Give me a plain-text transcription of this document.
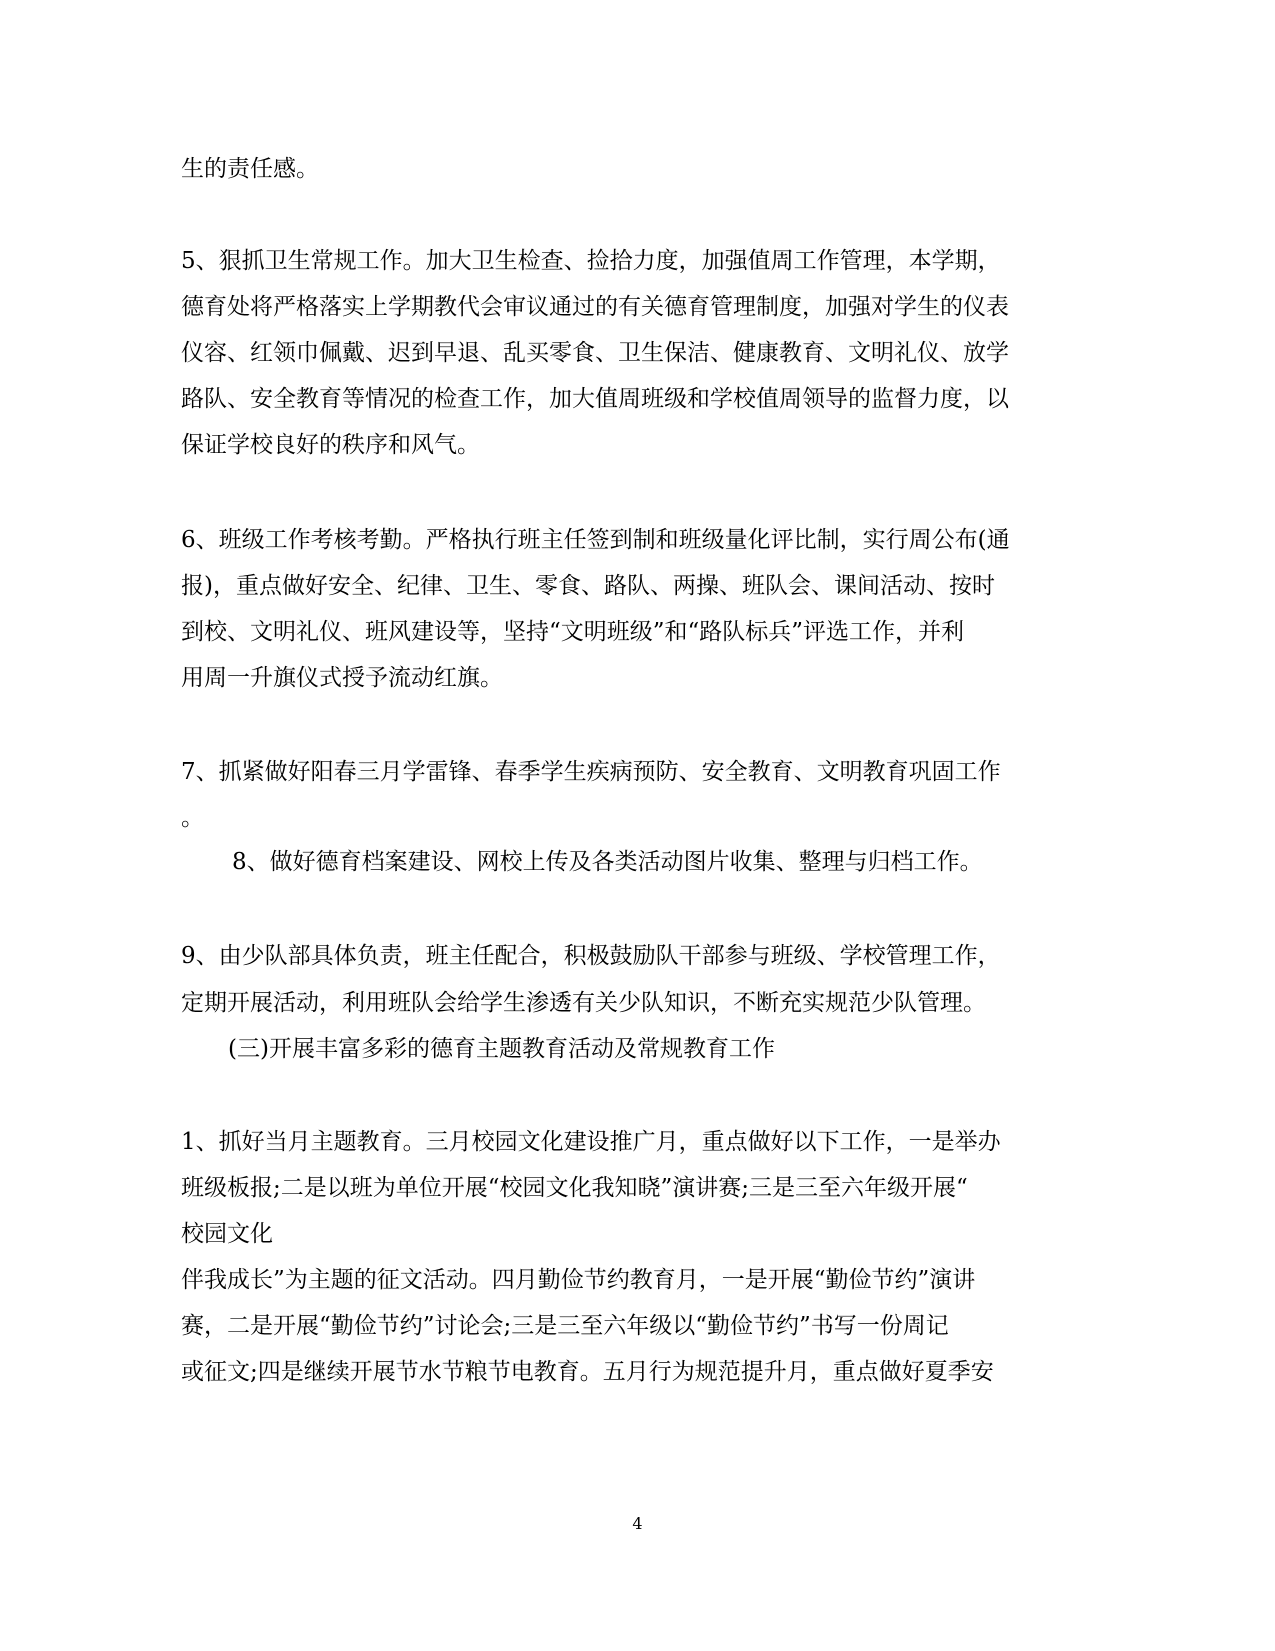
生的责任感。
5、狠抓卫生常规工作。加大卫生检查、捡拾力度，加强值周工作管理，本学期，
德育处将严格落实上学期教代会审议通过的有关德育管理制度，加强对学生的仪表
仪容、红领巾佩戴、迟到早退、乱买零食、卫生保洁、健康教育、文明礼仪、放学
路队、安全教育等情况的检查工作，加大值周班级和学校值周领导的监督力度，以
保证学校良好的秩序和风气。
6、班级工作考核考勤。严格执行班主任签到制和班级量化评比制，实行周公布(通
报)，重点做好安全、纪律、卫生、零食、路队、两操、班队会、课间活动、按时
到校、文明礼仪、班风建设等，坚持“文明班级”和“路队标兵”评选工作，并利
用周一升旗仪式授予流动红旗。
7、抓紧做好阳春三月学雷锋、春季学生疾病预防、安全教育、文明教育巩固工作
。
8、做好德育档案建设、网校上传及各类活动图片收集、整理与归档工作。
9、由少队部具体负责，班主任配合，积极鼓励队干部参与班级、学校管理工作，
定期开展活动，利用班队会给学生渗透有关少队知识，不断充实规范少队管理。
(三)开展丰富多彩的德育主题教育活动及常规教育工作
1、抓好当月主题教育。三月校园文化建设推广月，重点做好以下工作，一是举办
班级板报;二是以班为单位开展“校园文化我知晓”演讲赛;三是三至六年级开展“
校园文化
伴我成长”为主题的征文活动。四月勤俭节约教育月，一是开展“勤俭节约”演讲
赛，二是开展“勤俭节约”讨论会;三是三至六年级以“勤俭节约”书写一份周记
或征文;四是继续开展节水节粮节电教育。五月行为规范提升月，重点做好夏季安
4
